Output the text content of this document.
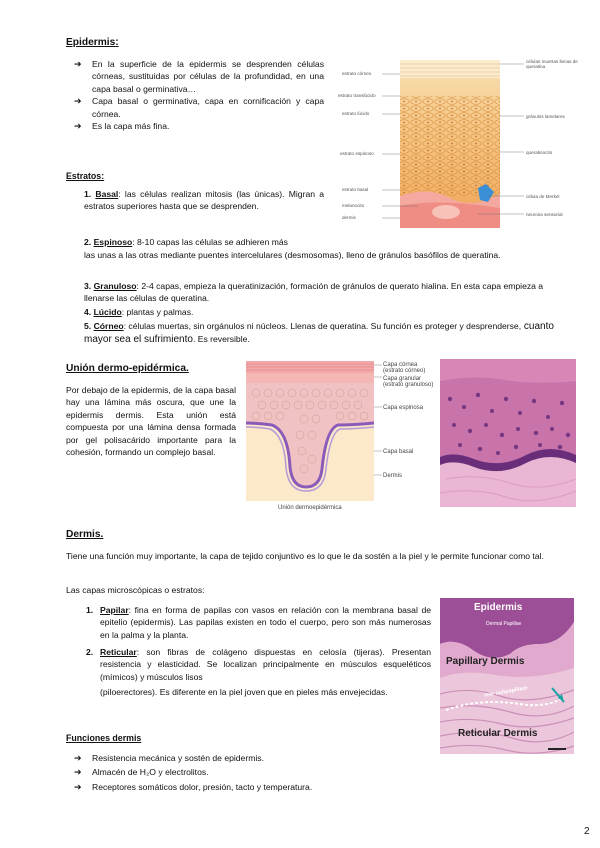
Epidermis:
➔ En la superficie de la epidermis se desprenden células córneas, sustituidas por células de la profundidad, en una capa basal o germinativa…
➔ Capa basal o germinativa, capa en cornificación y capa córnea.
➔ Es la capa más fina.
estrato córneo
estrato translúcido
estrato lúcido
estrato espinoso
estrato basal
melanocito
dermis
células muertas llenas de queratina
gránulos lamelares
queratinocito
célula de Merkel
neurona sensorial
Estratos:
1. Basal: las células realizan mitosis (las únicas). Migran a estratos superiores hasta que se desprenden.
2. Espinoso: 8-10 capas las células se adhieren más
las unas a las otras mediante puentes intercelulares (desmosomas), lleno de gránulos basófilos de queratina.
3. Granuloso: 2-4 capas, empieza la queratinización, formación de gránulos de querato hialina. En esta capa empieza a llenarse las células de queratina.
4. Lúcido: plantas y palmas.
5. Córneo: células muertas, sin orgánulos ni núcleos. Llenas de queratina. Su función es proteger y desprenderse, cuanto mayor sea el sufrimiento. Es reversible.
Unión dermo-epidérmica.
Por debajo de la epidermis, de la capa basal hay una lámina más oscura, que une la epidermis dermis. Esta unión está compuesta por una lámina densa formada por gel polisacárido importante para la cohesión, formando un complejo basal.
Capa córnea (estrato córneo)
Capa granular (estrato granuloso)
Capa espinosa
Capa basal
Dermis
Unión dermoepidérmica
Dermis.
Tiene una función muy importante, la capa de tejido conjuntivo es lo que le da sostén a la piel y le permite funcionar como tal.
Las capas microscópicas o estratos:
1. Papilar: fina en forma de papilas con vasos en relación con la membrana basal de epitelio (epidermis). Las papilas existen en todo el cuerpo, pero son más numerosas en la palma y la planta.
2. Reticular: son fibras de colágeno dispuestas en celosía (tijeras). Presentan resistencia y elasticidad. Se localizan principalmente en músculos esqueléticos (mímicos) y músculos lisos
(piloerectores). Es diferente en la piel joven que en pieles más envejecidas.
Epidermis
Dermal Papillae
Papillary Dermis
rete subpapillare
Reticular Dermis
Funciones dermis
➔ Resistencia mecánica y sostén de epidermis.
➔ Almacén de H₂O y electrolitos.
➔ Receptores somáticos dolor, presión, tacto y temperatura.
2
